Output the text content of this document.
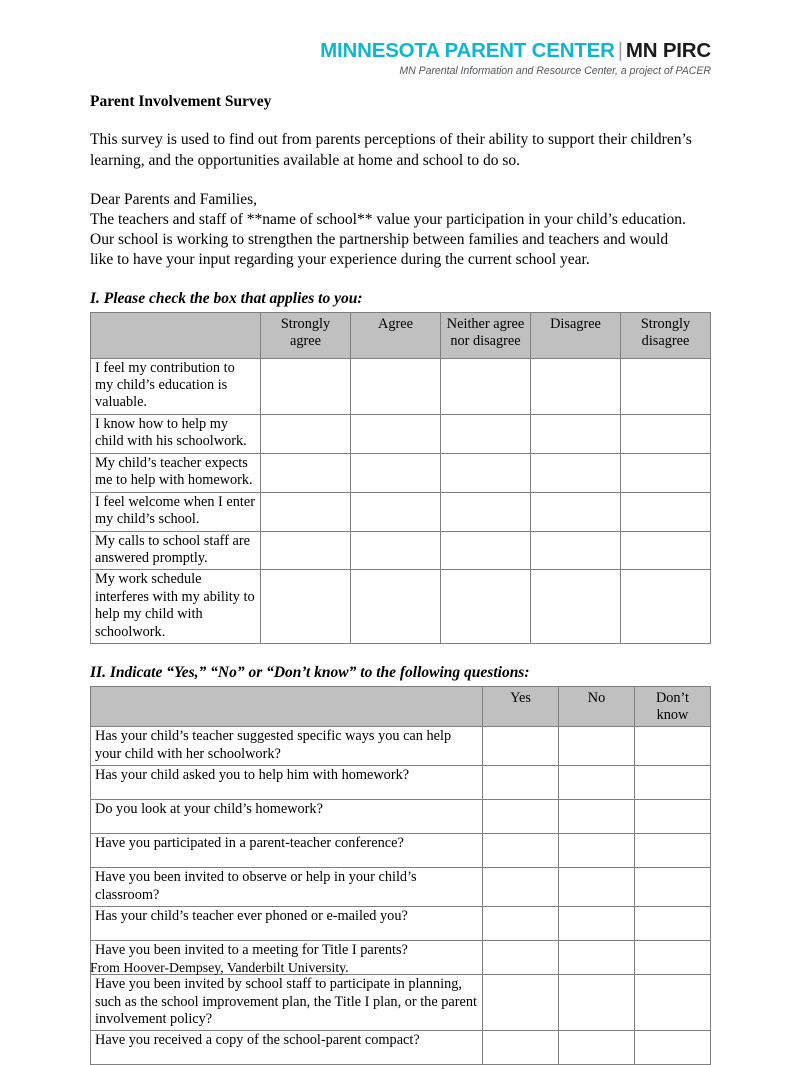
MINNESOTA PARENT CENTER | MN PIRC
MN Parental Information and Resource Center, a project of PACER

Parent Involvement Survey

This survey is used to find out from parents perceptions of their ability to support their children’s learning, and the opportunities available at home and school to do so.

Dear Parents and Families,

The teachers and staff of **name of school** value your participation in your child’s education.

Our school is working to strengthen the partnership between families and teachers and would

like to have your input regarding your experience during the current school year.

I. Please check the box that applies to you:

	Strongly agree	Agree	Neither agree nor disagree	Disagree	Strongly disagree
I feel my contribution to my child’s education is valuable.					
I know how to help my child with his schoolwork.					
My child’s teacher expects me to help with homework.					
I feel welcome when I enter my child’s school.					
My calls to school staff are answered promptly.					
My work schedule interferes with my ability to help my child with schoolwork.					

II. Indicate “Yes,” “No” or “Don’t know” to the following questions:

	Yes	No	Don’t know
Has your child’s teacher suggested specific ways you can help your child with her schoolwork?			
Has your child asked you to help him with homework?			
Do you look at your child’s homework?			
Have you participated in a parent-teacher conference?			
Have you been invited to observe or help in your child’s classroom?			
Has your child’s teacher ever phoned or e-mailed you?			
Have you been invited to a meeting for Title I parents?			
Have you been invited by school staff to participate in planning, such as the school improvement plan, the Title I plan, or the parent involvement policy?			
Have you received a copy of the school-parent compact?			
From Hoover-Dempsey, Vanderbilt University.
